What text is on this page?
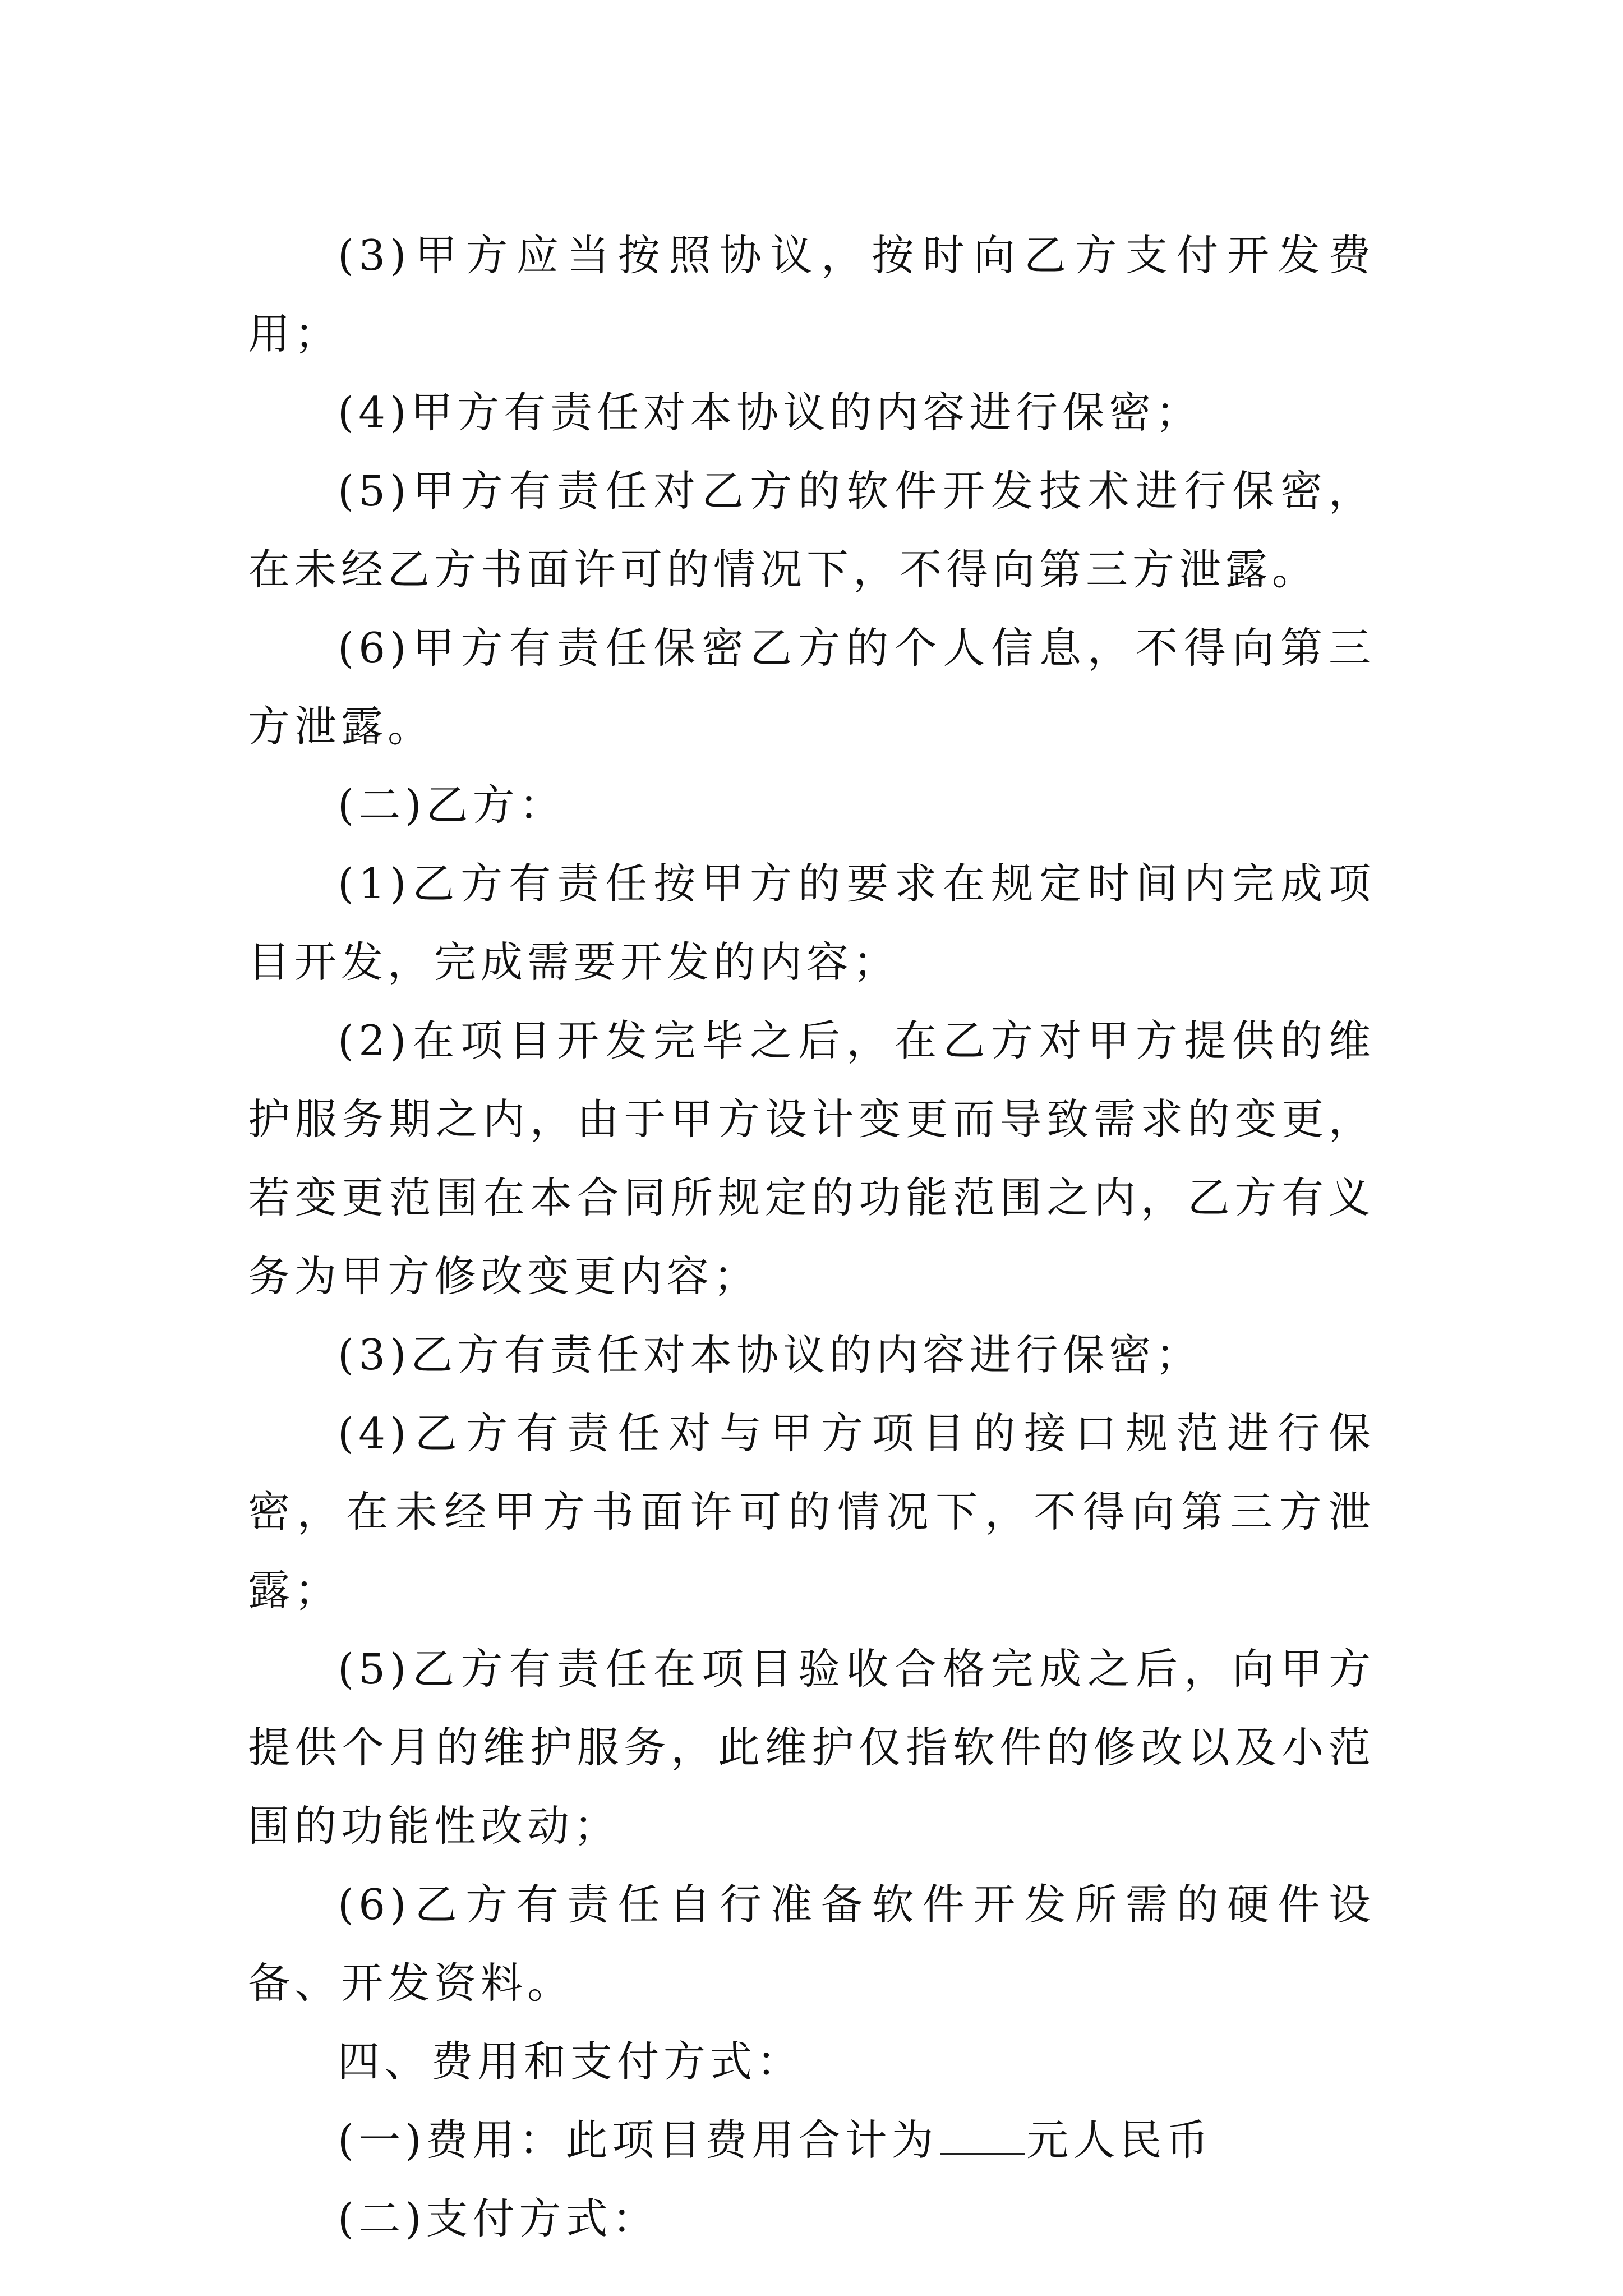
(3)甲方应当按照协议，按时向乙方支付开发费用；

(4)甲方有责任对本协议的内容进行保密；

(5)甲方有责任对乙方的软件开发技术进行保密，在未经乙方书面许可的情况下，不得向第三方泄露。

(6)甲方有责任保密乙方的个人信息，不得向第三方泄露。

(二)乙方：

(1)乙方有责任按甲方的要求在规定时间内完成项目开发，完成需要开发的内容；

(2)在项目开发完毕之后，在乙方对甲方提供的维护服务期之内，由于甲方设计变更而导致需求的变更，若变更范围在本合同所规定的功能范围之内，乙方有义务为甲方修改变更内容；

(3)乙方有责任对本协议的内容进行保密；

(4)乙方有责任对与甲方项目的接口规范进行保密，在未经甲方书面许可的情况下，不得向第三方泄露；

(5)乙方有责任在项目验收合格完成之后，向甲方提供个月的维护服务，此维护仅指软件的修改以及小范围的功能性改动；

(6)乙方有责任自行准备软件开发所需的硬件设备、开发资料。

四、费用和支付方式：

(一)费用：此项目费用合计为 元人民币

(二)支付方式：
